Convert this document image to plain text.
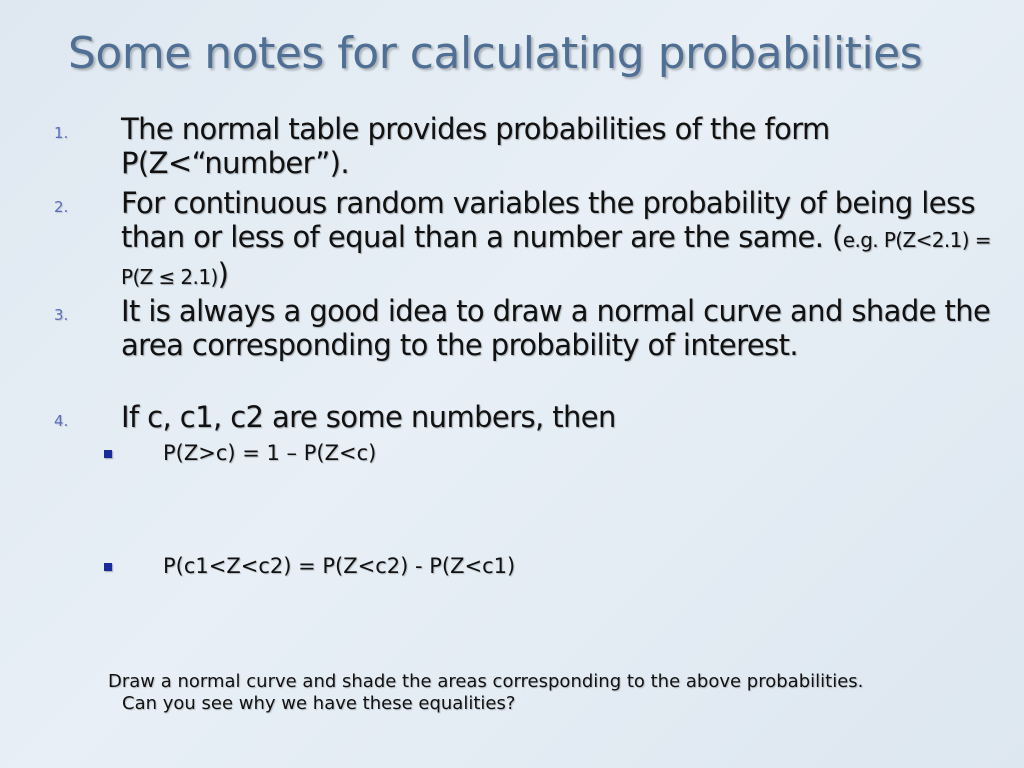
Some notes for calculating probabilities
1. The normal table provides probabilities of the form P(Z<“number”).
2. For continuous random variables the probability of being less than or less of equal than a number are the same. (e.g. P(Z<2.1) = P(Z ≤ 2.1))
3. It is always a good idea to draw a normal curve and shade the area corresponding to the probability of interest.
4. If c, c1, c2 are some numbers, then
P(Z>c) = 1 – P(Z<c)
P(c1<Z<c2) = P(Z<c2) - P(Z<c1)
Draw a normal curve and shade the areas corresponding to the above probabilities.
Can you see why we have these equalities?
